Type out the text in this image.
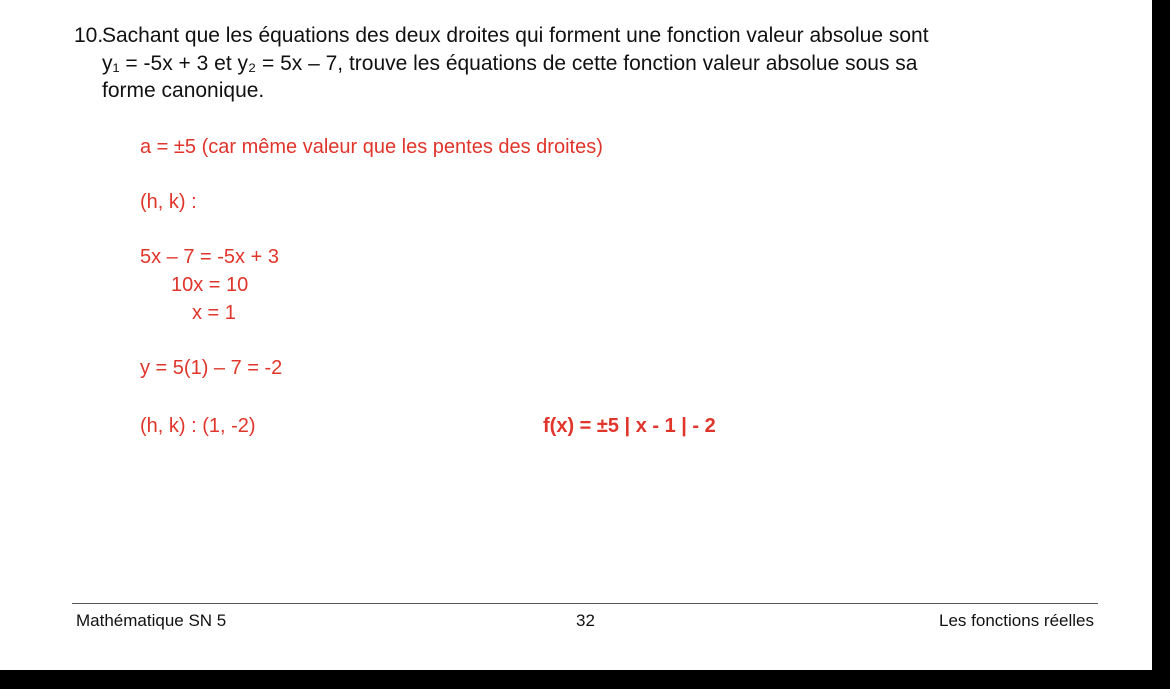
10.
Sachant que les équations des deux droites qui forment une fonction valeur absolue sont
y₁ = -5x + 3 et y₂ = 5x – 7, trouve les équations de cette fonction valeur absolue sous sa
forme canonique.
a = ±5 (car même valeur que les pentes des droites)
(h, k) :
5x – 7 = -5x + 3
10x = 10
x = 1
y = 5(1) – 7 = -2
(h, k) : (1, -2)	f(x) = ±5 | x - 1 | - 2
Mathématique SN 5	32	Les fonctions réelles
